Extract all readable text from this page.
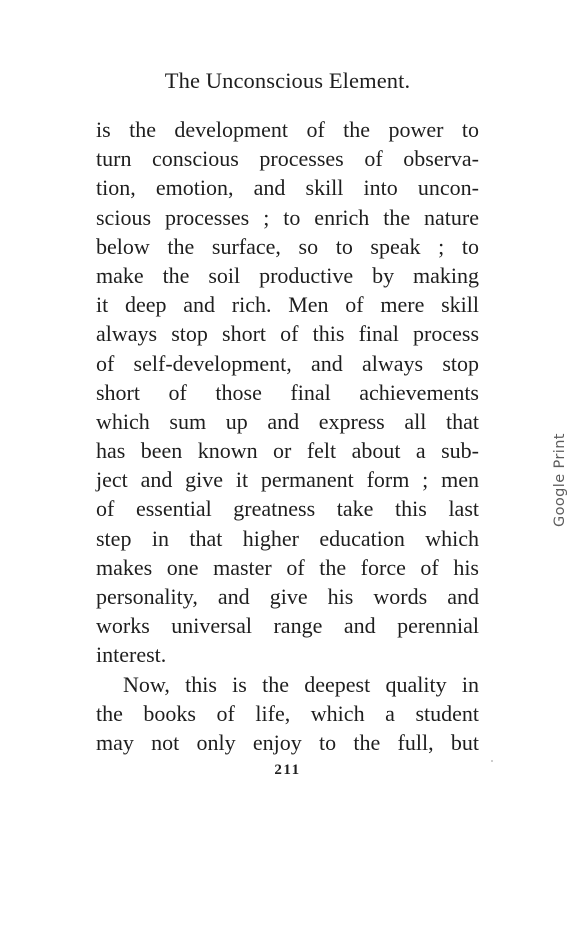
The Unconscious Element.
is the development of the power to
turn conscious processes of observa-
tion, emotion, and skill into uncon-
scious processes ; to enrich the nature
below the surface, so to speak ; to
make the soil productive by making
it deep and rich. Men of mere skill
always stop short of this final process
of self-development, and always stop
short of those final achievements
which sum up and express all that
has been known or felt about a sub-
ject and give it permanent form ; men
of essential greatness take this last
step in that higher education which
makes one master of the force of his
personality, and give his words and
works universal range and perennial
interest.
Now, this is the deepest quality in
the books of life, which a student
may not only enjoy to the full, but
211
Google Print
